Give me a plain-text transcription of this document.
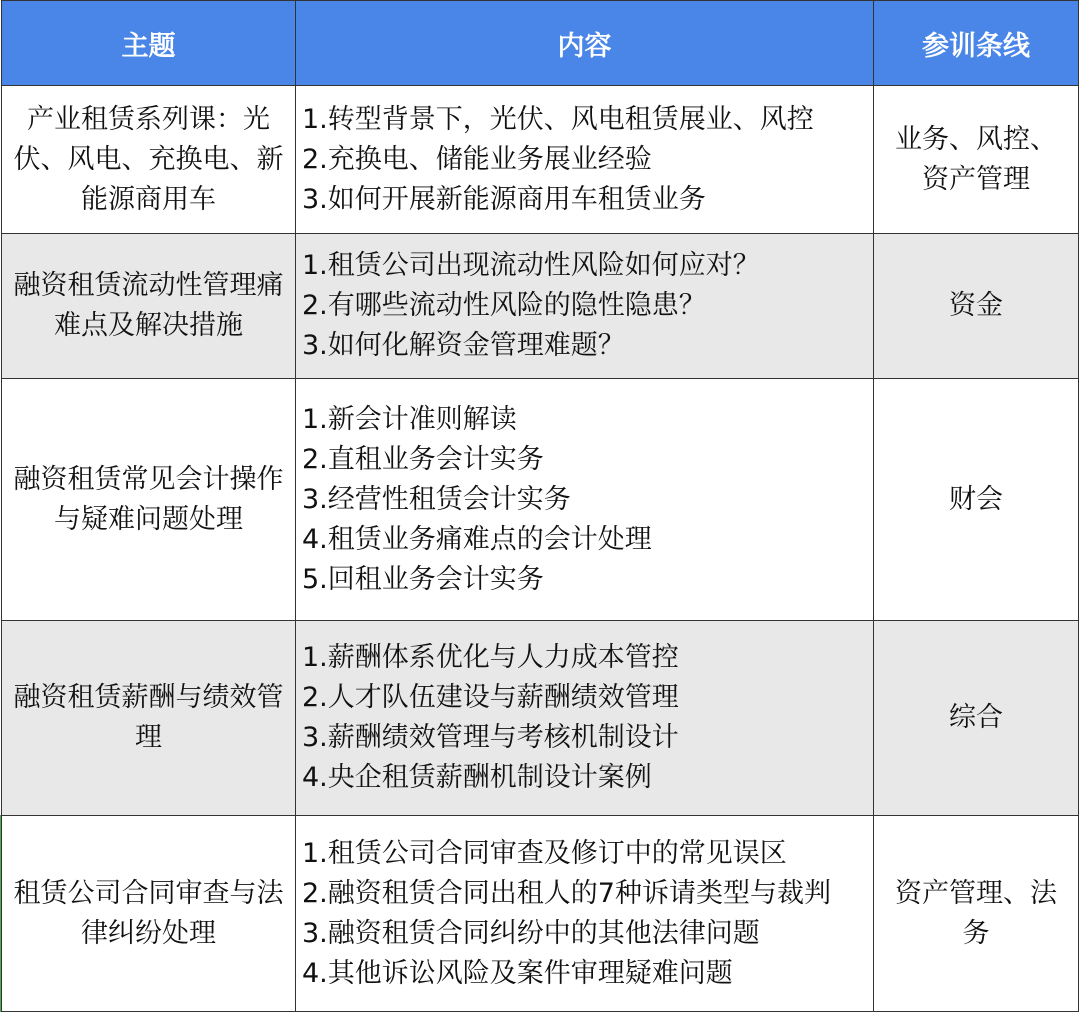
主题	内容	参训条线
产业租赁系列课：光伏、风电、充换电、新能源商用车	1.转型背景下，光伏、风电租赁展业、风控
2.充换电、储能业务展业经验
3.如何开展新能源商用车租赁业务	业务、风控、资产管理
融资租赁流动性管理痛难点及解决措施	1.租赁公司出现流动性风险如何应对？
2.有哪些流动性风险的隐性隐患？
3.如何化解资金管理难题？	资金
融资租赁常见会计操作与疑难问题处理	1.新会计准则解读
2.直租业务会计实务
3.经营性租赁会计实务
4.租赁业务痛难点的会计处理
5.回租业务会计实务	财会
融资租赁薪酬与绩效管理	1.薪酬体系优化与人力成本管控
2.人才队伍建设与薪酬绩效管理
3.薪酬绩效管理与考核机制设计
4.央企租赁薪酬机制设计案例	综合
租赁公司合同审查与法律纠纷处理	1.租赁公司合同审查及修订中的常见误区
2.融资租赁合同出租人的7种诉请类型与裁判
3.融资租赁合同纠纷中的其他法律问题
4.其他诉讼风险及案件审理疑难问题	资产管理、法务
